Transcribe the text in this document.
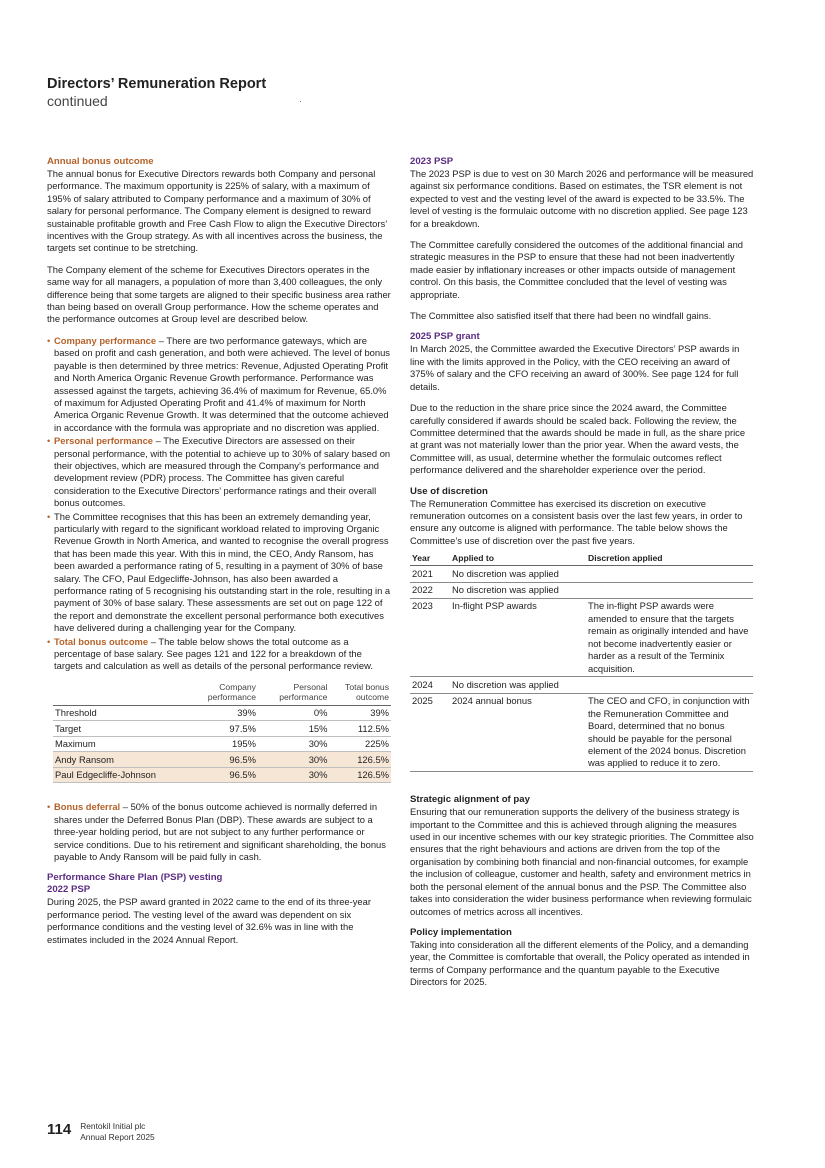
Directors’ Remuneration Report
continued
Annual bonus outcome

The annual bonus for Executive Directors rewards both Company and personal performance. The maximum opportunity is 225% of salary, with a maximum of 195% of salary attributed to Company performance and a maximum of 30% of salary for personal performance. The Company element is designed to reward sustainable profitable growth and Free Cash Flow to align the Executive Directors’ incentives with the Group strategy. As with all incentives across the business, the targets set continue to be stretching.

The Company element of the scheme for Executives Directors operates in the same way for all managers, a population of more than 3,400 colleagues, the only difference being that some targets are aligned to their specific business area rather than being based on overall Group performance. How the scheme operates and the performance outcomes at Group level are described below.

• Company performance – There are two performance gateways, which are based on profit and cash generation, and both were achieved. The level of bonus payable is then determined by three metrics: Revenue, Adjusted Operating Profit and North America Organic Revenue Growth performance. Performance was assessed against the targets, achieving 36.4% of maximum for Revenue, 65.0% of maximum for Adjusted Operating Profit and 41.4% of maximum for North America Organic Revenue Growth. It was determined that the outcome achieved in accordance with the formula was appropriate and no discretion was applied.
• Personal performance – The Executive Directors are assessed on their personal performance, with the potential to achieve up to 30% of salary based on their objectives, which are measured through the Company’s performance and development review (PDR) process. The Committee has given careful consideration to the Executive Directors’ performance ratings and their overall bonus outcomes.
• The Committee recognises that this has been an extremely demanding year, particularly with regard to the significant workload related to improving Organic Revenue Growth in North America, and wanted to recognise the overall progress that has been made this year. With this in mind, the CEO, Andy Ransom, has been awarded a performance rating of 5, resulting in a payment of 30% of base salary. The CFO, Paul Edgecliffe-Johnson, has also been awarded a performance rating of 5 recognising his outstanding start in the role, resulting in a payment of 30% of base salary. These assessments are set out on page 122 of the report and demonstrate the excellent personal performance both executives have delivered during a challenging year for the Company.
• Total bonus outcome – The table below shows the total outcome as a percentage of base salary. See pages 121 and 122 for a breakdown of the targets and calculation as well as details of the personal performance review.
	Company performance	Personal performance	Total bonus outcome
Threshold	39%	0%	39%
Target	97.5%	15%	112.5%
Maximum	195%	30%	225%
Andy Ransom	96.5%	30%	126.5%
Paul Edgecliffe-Johnson	96.5%	30%	126.5%
• Bonus deferral – 50% of the bonus outcome achieved is normally deferred in shares under the Deferred Bonus Plan (DBP). These awards are subject to a three-year holding period, but are not subject to any further performance or service conditions. Due to his retirement and significant shareholding, the bonus payable to Andy Ransom will be paid fully in cash.
Performance Share Plan (PSP) vesting
2022 PSP

During 2025, the PSP award granted in 2022 came to the end of its three-year performance period. The vesting level of the award was dependent on six performance conditions and the vesting level of 32.6% was in line with the estimates included in the 2024 Annual Report.

2023 PSP

The 2023 PSP is due to vest on 30 March 2026 and performance will be measured against six performance conditions. Based on estimates, the TSR element is not expected to vest and the vesting level of the award is expected to be 33.5%. The level of vesting is the formulaic outcome with no discretion applied. See page 123 for a breakdown.

The Committee carefully considered the outcomes of the additional financial and strategic measures in the PSP to ensure that these had not been inadvertently made easier by inflationary increases or other impacts outside of management control. On this basis, the Committee concluded that the level of vesting was appropriate.

The Committee also satisfied itself that there had been no windfall gains.

2025 PSP grant

In March 2025, the Committee awarded the Executive Directors’ PSP awards in line with the limits approved in the Policy, with the CEO receiving an award of 375% of salary and the CFO receiving an award of 300%. See page 124 for full details.

Due to the reduction in the share price since the 2024 award, the Committee carefully considered if awards should be scaled back. Following the review, the Committee determined that the awards should be made in full, as the share price at grant was not materially lower than the prior year. When the award vests, the Committee will, as usual, determine whether the formulaic outcomes reflect performance delivered and the shareholder experience over the period.

Use of discretion

The Remuneration Committee has exercised its discretion on executive remuneration outcomes on a consistent basis over the last few years, in order to ensure any outcome is aligned with performance. The table below shows the Committee’s use of discretion over the past five years.

Year	Applied to	Discretion applied
2021	No discretion was applied	
2022	No discretion was applied	
2023	In-flight PSP awards	The in-flight PSP awards were amended to ensure that the targets remain as originally intended and have not become inadvertently easier or harder as a result of the Terminix acquisition.
2024	No discretion was applied	
2025	2024 annual bonus	The CEO and CFO, in conjunction with the Remuneration Committee and Board, determined that no bonus should be payable for the personal element of the 2024 bonus. Discretion was applied to reduce it to zero.
Strategic alignment of pay

Ensuring that our remuneration supports the delivery of the business strategy is important to the Committee and this is achieved through aligning the measures used in our incentive schemes with our key strategic priorities. The Committee also ensures that the right behaviours and actions are driven from the top of the organisation by combining both financial and non-financial outcomes, for example the inclusion of colleague, customer and health, safety and environment metrics in both the personal element of the annual bonus and the PSP. The Committee also takes into consideration the wider business performance when reviewing formulaic outcomes of metrics across all incentives.

Policy implementation

Taking into consideration all the different elements of the Policy, and a demanding year, the Committee is comfortable that overall, the Policy operated as intended in terms of Company performance and the quantum payable to the Executive Directors for 2025.

114 Rentokil Initial plc
Annual Report 2025
